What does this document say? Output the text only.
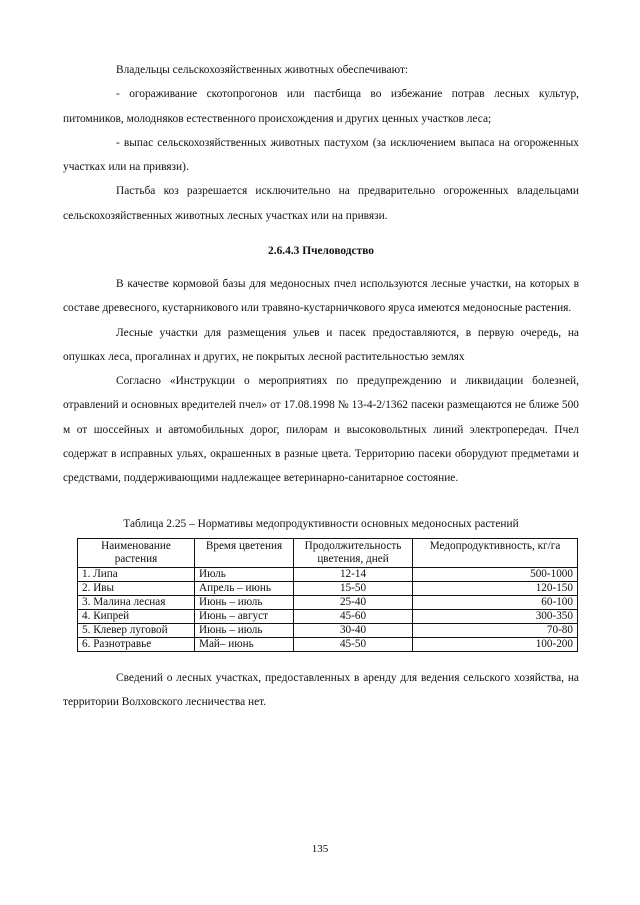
Владельцы сельскохозяйственных животных обеспечивают:

- огораживание скотопрогонов или пастбища во избежание потрав лесных культур, питомников, молодняков естественного происхождения и других ценных участков леса;

- выпас сельскохозяйственных животных пастухом (за исключением выпаса на огороженных участках или на привязи).

Пастьба коз разрешается исключительно на предварительно огороженных владельцами сельскохозяйственных животных лесных участках или на привязи.

2.6.4.3 Пчеловодство

В качестве кормовой базы для медоносных пчел используются лесные участки, на которых в составе древесного, кустарникового или травяно-кустарничкового яруса имеются медоносные растения.

Лесные участки для размещения ульев и пасек предоставляются, в первую очередь, на опушках леса, прогалинах и других, не покрытых лесной растительностью землях

Согласно «Инструкции о мероприятиях по предупреждению и ликвидации болезней, отравлений и основных вредителей пчел» от 17.08.1998 № 13-4-2/1362 пасеки размещаются не ближе 500 м от шоссейных и автомобильных дорог, пилорам и высоковольтных линий электропередач. Пчел содержат в исправных ульях, окрашенных в разные цвета. Территорию пасеки оборудуют предметами и средствами, поддерживающими надлежащее ветеринарно-санитарное состояние.

Таблица 2.25 – Нормативы медопродуктивности основных медоносных растений
Наименование растения	Время цветения	Продолжительность цветения, дней	Медопродуктивность, кг/га
1. Липа	Июль	12-14	500-1000
2. Ивы	Апрель – июнь	15-50	120-150
3. Малина лесная	Июнь – июль	25-40	60-100
4. Кипрей	Июнь – август	45-60	300-350
5. Клевер луговой	Июнь – июль	30-40	70-80
6. Разнотравье	Май– июнь	45-50	100-200

Сведений о лесных участках, предоставленных в аренду для ведения сельского хозяйства, на территории Волховского лесничества нет.

135
